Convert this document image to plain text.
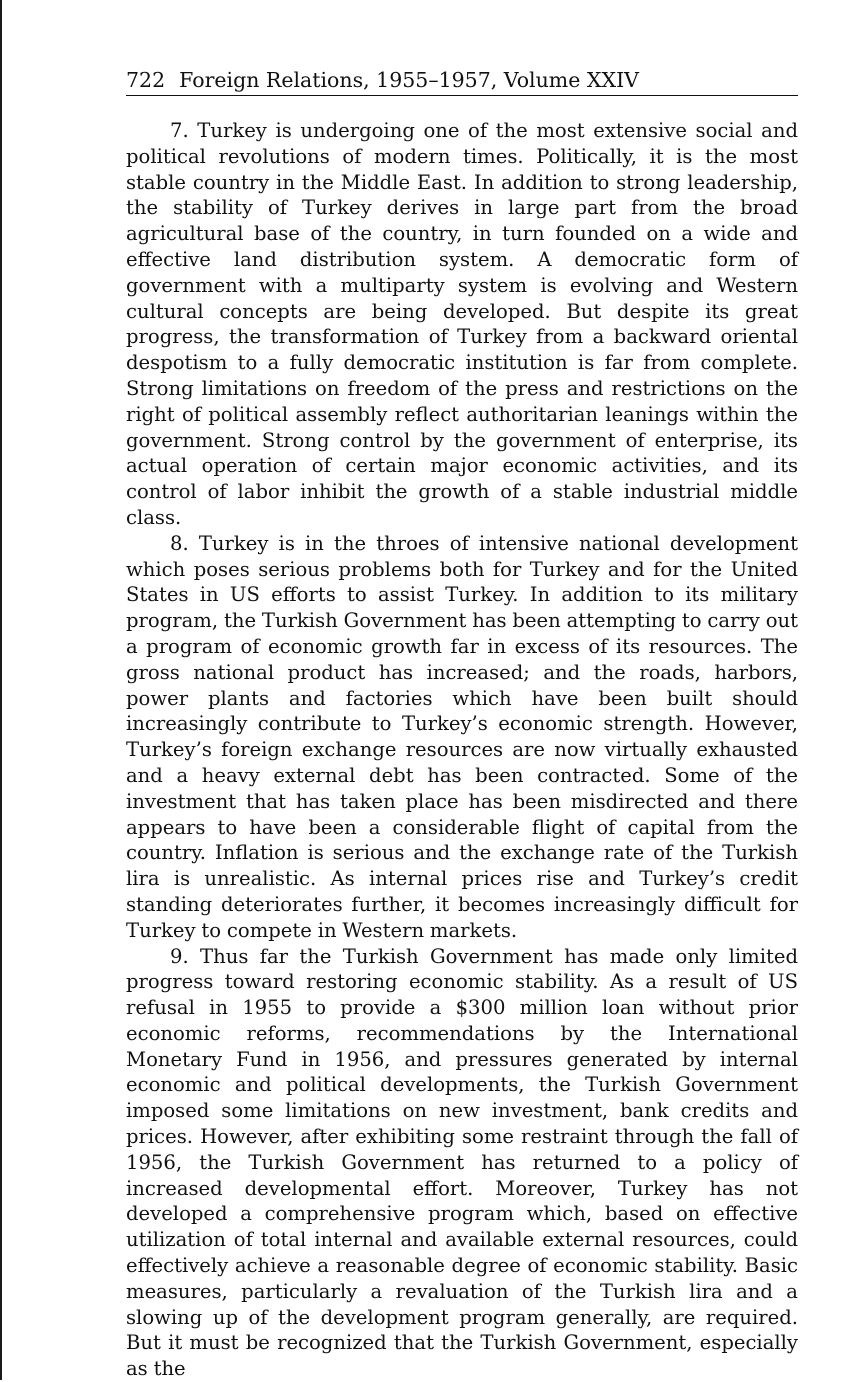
722 Foreign Relations, 1955–1957, Volume XXIV

7. Turkey is undergoing one of the most extensive social and political revolutions of modern times. Politically, it is the most stable country in the Middle East. In addition to strong leadership, the stability of Turkey derives in large part from the broad agricultural base of the country, in turn founded on a wide and effective land distribution system. A democratic form of government with a multiparty system is evolving and Western cultural concepts are being developed. But despite its great progress, the transformation of Turkey from a backward oriental despotism to a fully democratic institution is far from complete. Strong limitations on freedom of the press and restrictions on the right of political assembly reflect authoritarian leanings within the government. Strong control by the government of enterprise, its actual operation of certain major economic activities, and its control of labor inhibit the growth of a stable industrial middle class.

8. Turkey is in the throes of intensive national development which poses serious problems both for Turkey and for the United States in US efforts to assist Turkey. In addition to its military program, the Turkish Government has been attempting to carry out a program of economic growth far in excess of its resources. The gross national product has increased; and the roads, harbors, power plants and factories which have been built should increasingly contribute to Turkey’s economic strength. However, Turkey’s foreign exchange resources are now virtually exhausted and a heavy external debt has been contracted. Some of the investment that has taken place has been misdirected and there appears to have been a considerable flight of capital from the country. Inflation is serious and the exchange rate of the Turkish lira is unrealistic. As internal prices rise and Turkey’s credit standing deteriorates further, it becomes increasingly difficult for Turkey to compete in Western markets.

9. Thus far the Turkish Government has made only limited progress toward restoring economic stability. As a result of US refusal in 1955 to provide a $300 million loan without prior economic reforms, recommendations by the International Monetary Fund in 1956, and pressures generated by internal economic and political developments, the Turkish Government imposed some limitations on new investment, bank credits and prices. However, after exhibiting some restraint through the fall of 1956, the Turkish Government has returned to a policy of increased developmental effort. Moreover, Turkey has not developed a comprehensive program which, based on effective utilization of total internal and available external resources, could effectively achieve a reasonable degree of economic stability. Basic measures, particularly a revaluation of the Turkish lira and a slowing up of the development program generally, are required. But it must be recognized that the Turkish Government, especially as the
